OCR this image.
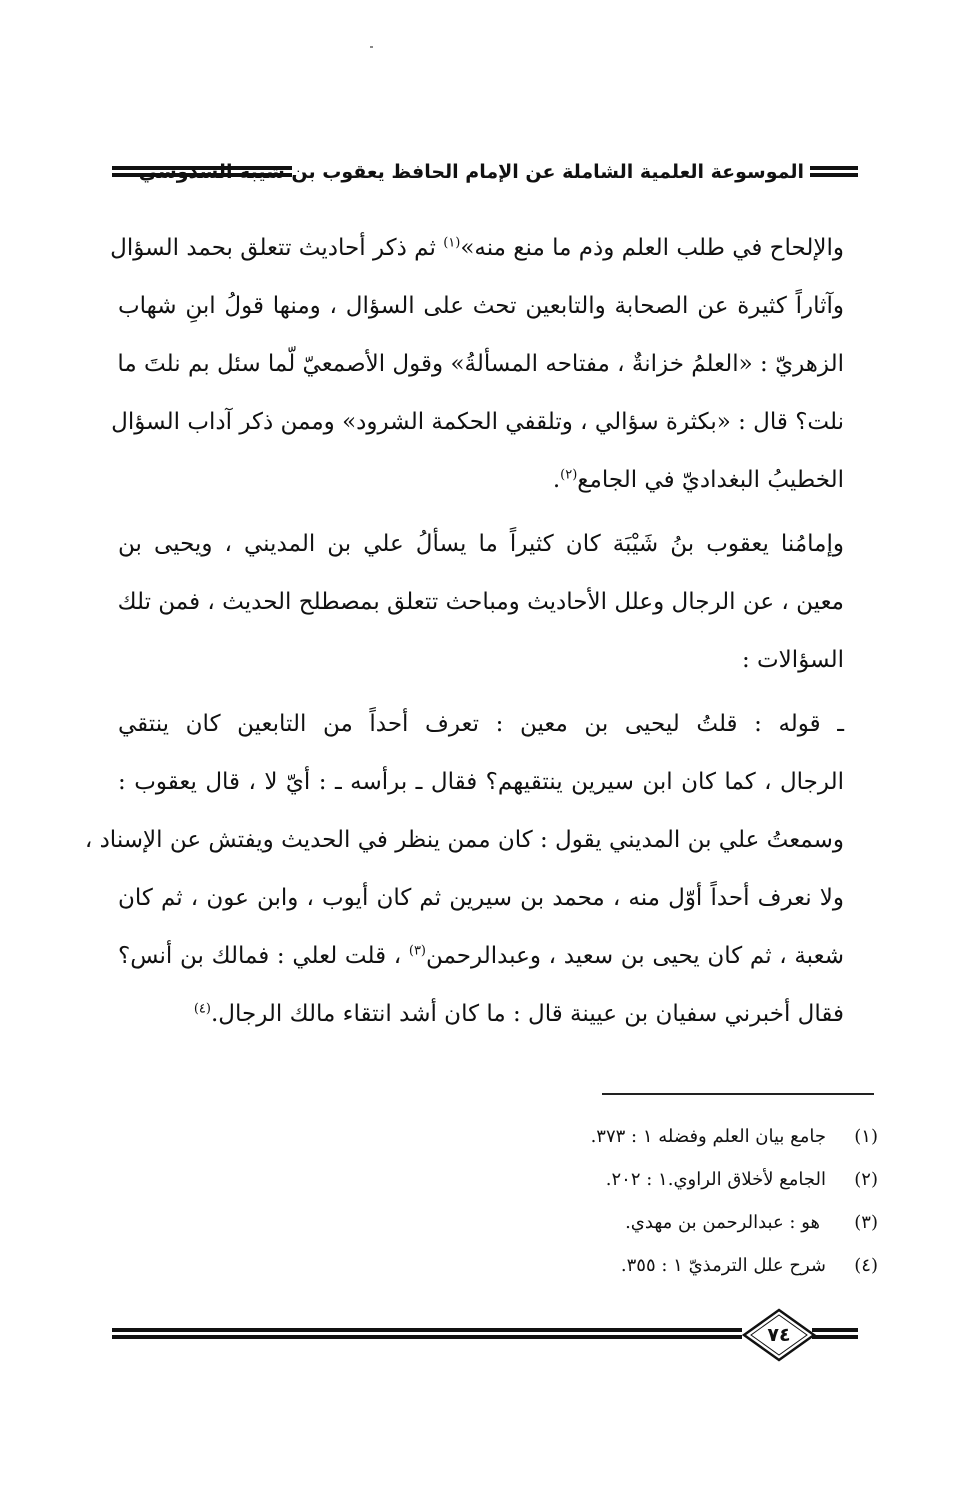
الموسوعة العلمية الشاملة عن الإمام الحافظ يعقوب بن شيبة السدوسي
والإلحاح في طلب العلم وذم ما منع منه»$^{(١)}$ ثم ذكر أحاديث تتعلق بحمد السؤال
وآثاراً كثيرة عن الصحابة والتابعين تحث على السؤال ، ومنها قولُ ابنِ شهاب
الزهريّ : «العلمُ خزانةٌ ، مفتاحه المسألةُ» وقول الأصمعيّ لّما سئل بم نلتَ ما
نلت؟ قال : «بكثرة سؤالي ، وتلقفي الحكمة الشرود» وممن ذكر آداب السؤال
الخطيبُ البغداديّ في الجامع$^{(٢)}$.
وإمامُنا يعقوب بنُ شَيْبَة كان كثيراً ما يسألُ علي بن المديني ، ويحيى بن
معين ، عن الرجال وعلل الأحاديث ومباحث تتعلق بمصطلح الحديث ، فمن تلك
السؤالات :
ـ قوله : قلتُ ليحيى بن معين : تعرف أحداً من التابعين كان ينتقي
الرجال ، كما كان ابن سيرين ينتقيهم؟ فقال ـ برأسه ـ : أيّ لا ، قال يعقوب :
وسمعتُ علي بن المديني يقول : كان ممن ينظر في الحديث ويفتش عن الإسناد ،
ولا نعرف أحداً أوّل منه ، محمد بن سيرين ثم كان أيوب ، وابن عون ، ثم كان
شعبة ، ثم كان يحيى بن سعيد ، وعبدالرحمن$^{(٣)}$ ، قلت لعلي : فمالك بن أنس؟
فقال أخبرني سفيان بن عيينة قال : ما كان أشد انتقاء مالك الرجال.$^{(٤)}$
(١)جامع بيان العلم وفضله ١ : ٣٧٣.
(٢)الجامع لأخلاق الراوي.١ : ٢٠٢.
(٣)هو : عبدالرحمن بن مهدي.
(٤)شرح علل الترمذيّ ١ : ٣٥٥.
٧٤
